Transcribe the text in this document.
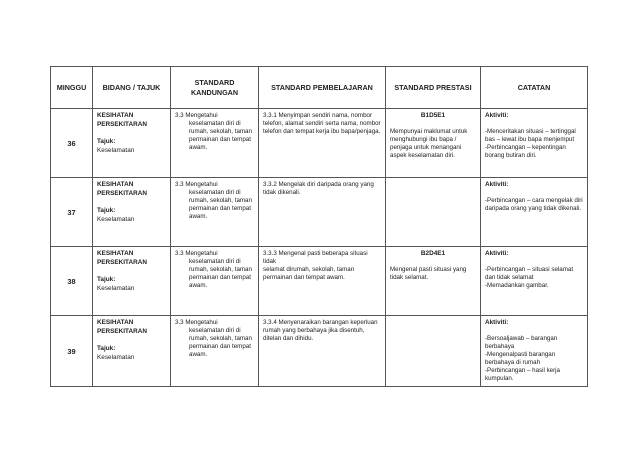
MINGGU	BIDANG / TAJUK	STANDARD
KANDUNGAN	STANDARD PEMBELAJARAN	STANDARD PRESTASI	CATATAN
36	KESIHATAN PERSEKITARAN
Tajuk:
Keselamatan	3.3 Mengetahui
keselamatan diri di rumah, sekolah, taman permainan dan tempat awam.	3.3.1 Menyimpan sendiri nama, nombor telefon, alamat sendiri serta nama, nombor telefon dan tempat kerja ibu bapa/penjaga.	B1D5E1
Mempunyai maklumat untuk menghubungi ibu bapa / penjaga untuk menangani aspek keselamatan diri.	Aktiviti:
-Menceritakan situasi – tertinggal bas – lewat ibu bapa menjemput
-Perbincangan – kepentingan borang butiran diri.

37	KESIHATAN PERSEKITARAN
Tajuk:
Keselamatan	3.3 Mengetahui
keselamatan diri di rumah, sekolah, taman permainan dan tempat awam.	3.3.2 Mengelak diri daripada orang yang tidak dikenali.		Aktiviti:
-Perbincangan – cara mengelak diri daripada orang yang tidak dikenali.

38	KESIHATAN PERSEKITARAN
Tajuk:
Keselamatan	3.3 Mengetahui
keselamatan diri di rumah, sekolah, taman permainan dan tempat awam.	3.3.3 Mengenal pasti beberapa situasi tidak
selamat dirumah, sekolah, taman permainan dan tempat awam.	B2D4E1
Mengenal pasti situasi yang tidak selamat.	Aktiviti:
-Perbincangan – situasi selamat dan tidak selamat
-Memadankan gambar.

39	KESIHATAN PERSEKITARAN
Tajuk:
Keselamatan	3.3 Mengetahui
keselamatan diri di rumah, sekolah, taman permainan dan tempat awam.	3.3.4 Menyenaraikan barangan keperluan rumah yang berbahaya jika disentuh, ditelan dan dihidu.		Aktiviti:
-Bersoaljawab – barangan berbahaya
-Mengenalpasti barangan berbahaya di rumah
-Perbincangan – hasil kerja kumpulan.
